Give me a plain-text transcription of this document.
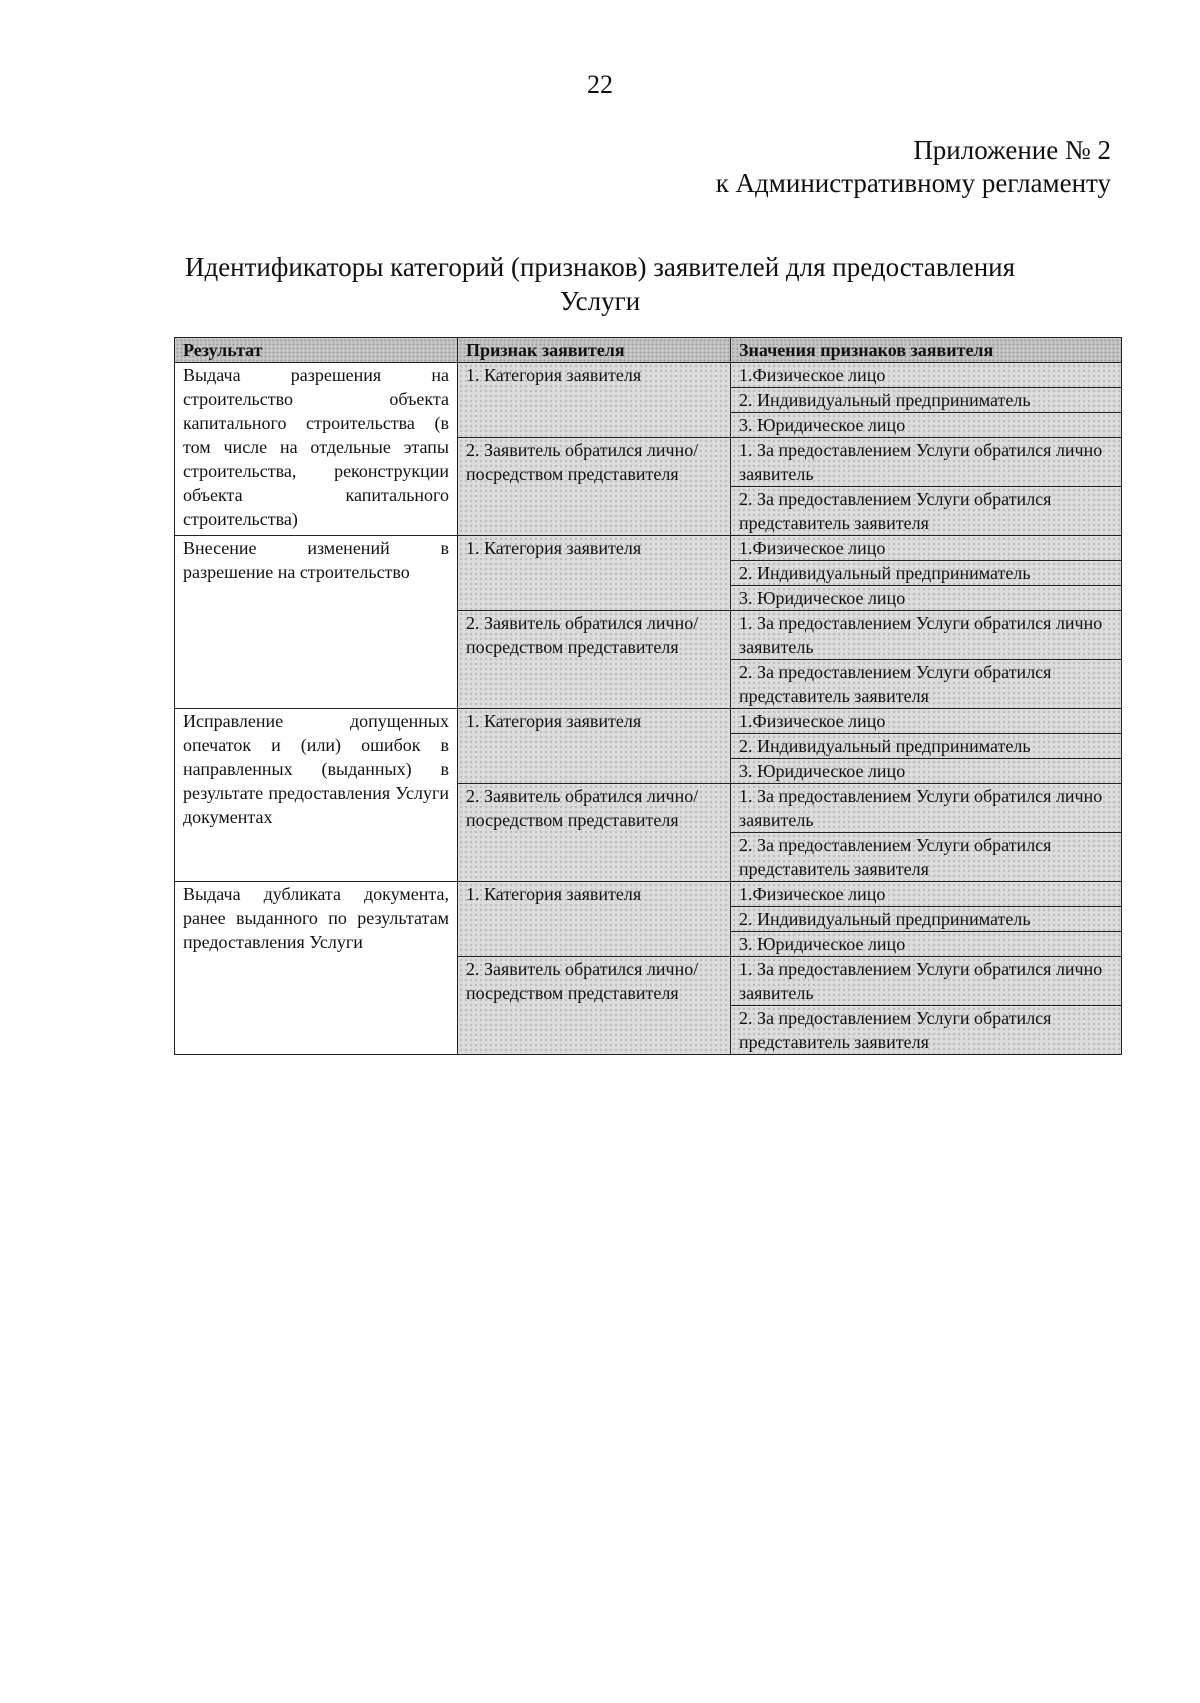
22
Приложение № 2
к Административному регламенту
Идентификаторы категорий (признаков) заявителей для предоставления
Услуги
Результат	Признак заявителя	Значения признаков заявителя
Выдача разрешения на строительство объекта капитального строительства (в том числе на отдельные этапы строительства, реконструкции объекта капитального строительства)	1. Категория заявителя	1.Физическое лицо
		2. Индивидуальный предприниматель
		3. Юридическое лицо
	2. Заявитель обратился лично/посредством представителя	1. За предоставлением Услуги обратился лично заявитель
		2. За предоставлением Услуги обратился представитель заявителя
Внесение изменений в разрешение на строительство	1. Категория заявителя	1.Физическое лицо
		2. Индивидуальный предприниматель
		3. Юридическое лицо
	2. Заявитель обратился лично/посредством представителя	1. За предоставлением Услуги обратился лично заявитель
		2. За предоставлением Услуги обратился представитель заявителя
Исправление допущенных опечаток и (или) ошибок в направленных (выданных) в результате предоставления Услуги документах	1. Категория заявителя	1.Физическое лицо
		2. Индивидуальный предприниматель
		3. Юридическое лицо
	2. Заявитель обратился лично/посредством представителя	1. За предоставлением Услуги обратился лично заявитель
		2. За предоставлением Услуги обратился представитель заявителя
Выдача дубликата документа, ранее выданного по результатам предоставления Услуги	1. Категория заявителя	1.Физическое лицо
		2. Индивидуальный предприниматель
		3. Юридическое лицо
	2. Заявитель обратился лично/посредством представителя	1. За предоставлением Услуги обратился лично заявитель
		2. За предоставлением Услуги обратился представитель заявителя
